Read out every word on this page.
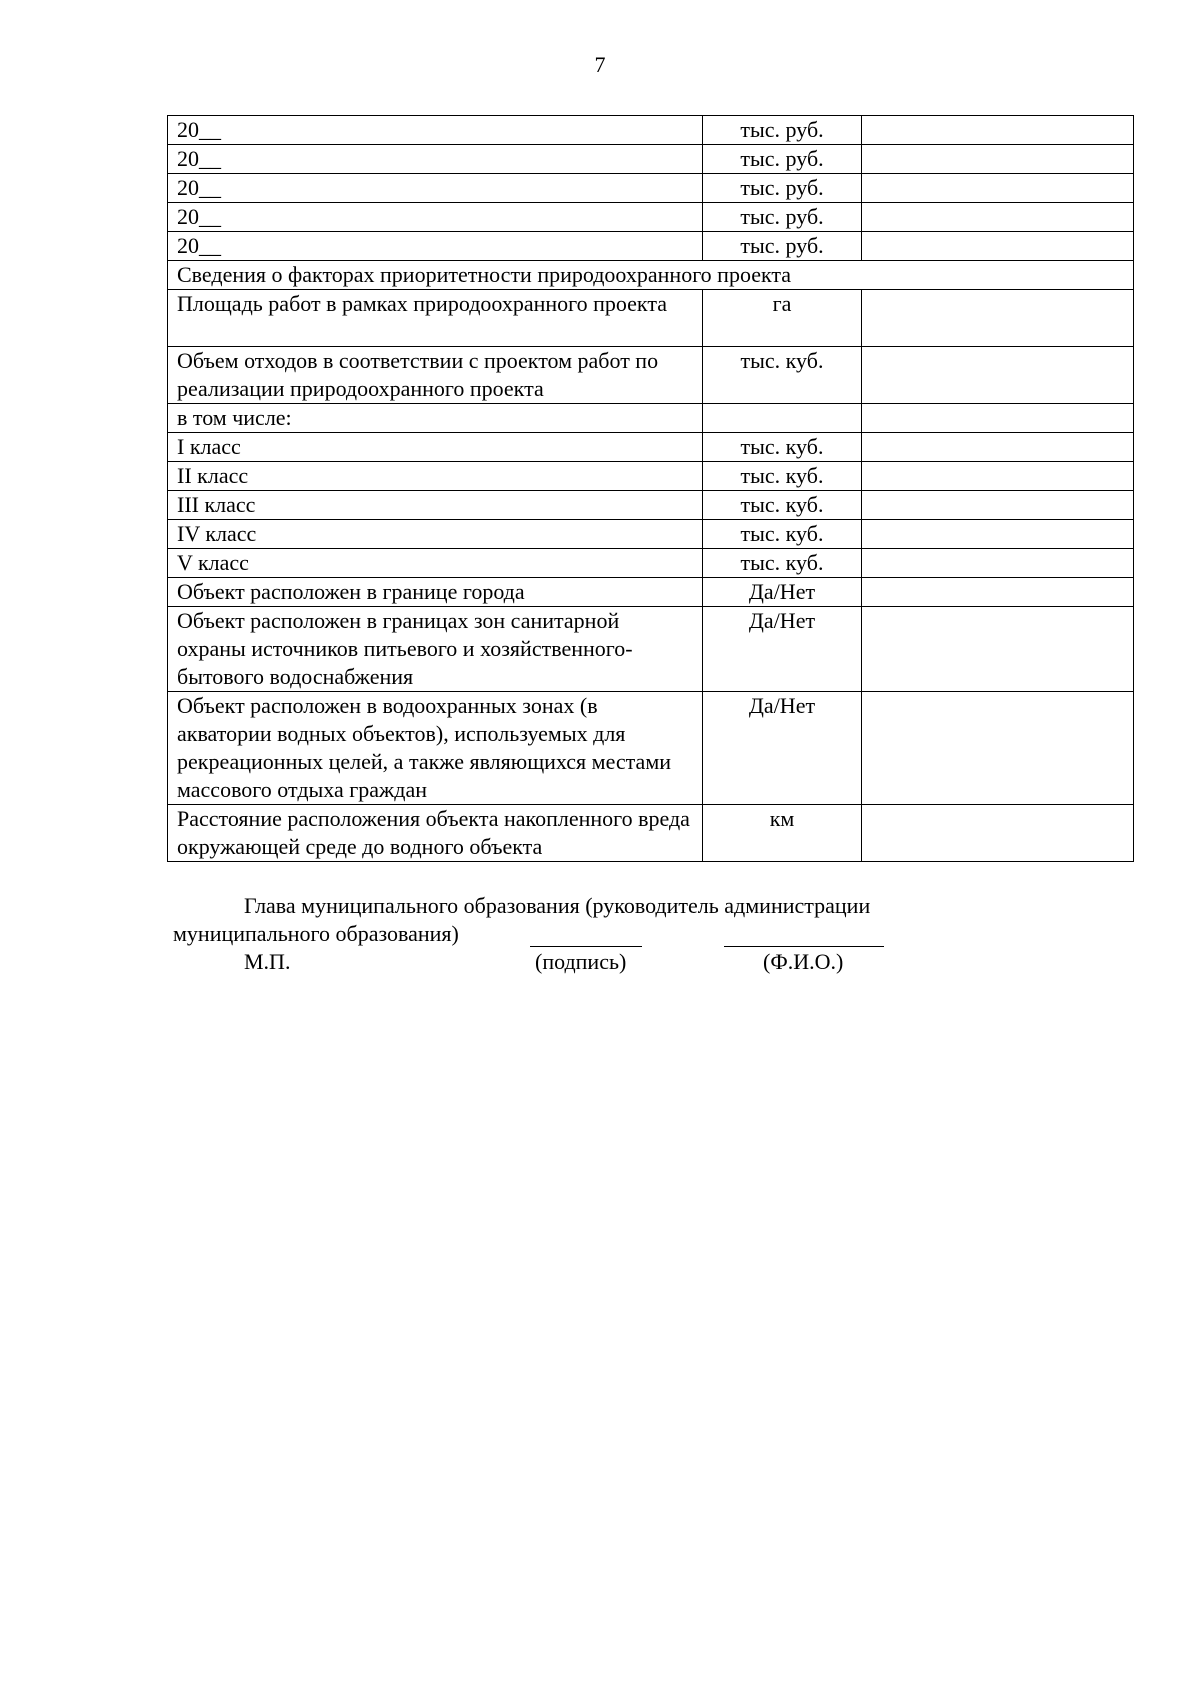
7
20__	тыс. руб.	
20__	тыс. руб.	
20__	тыс. руб.	
20__	тыс. руб.	
20__	тыс. руб.	
Сведения о факторах приоритетности природоохранного проекта		
Площадь работ в рамках природоохранного проекта	га	
Объем отходов в соответствии с проектом работ по реализации природоохранного проекта	тыс. куб.	
в том числе:		
I класс	тыс. куб.	
II класс	тыс. куб.	
III класс	тыс. куб.	
IV класс	тыс. куб.	
V класс	тыс. куб.	
Объект расположен в границе города	Да/Нет	
Объект расположен в границах зон санитарной охраны источников питьевого и хозяйственного-бытового водоснабжения	Да/Нет	
Объект расположен в водоохранных зонах (в акватории водных объектов), используемых для рекреационных целей, а также являющихся местами массового отдыха граждан	Да/Нет	
Расстояние расположения объекта накопленного вреда окружающей среде до водного объекта	км	
Глава муниципального образования (руководитель администрации
муниципального образования)
М.П.	(подпись)	(Ф.И.О.)
